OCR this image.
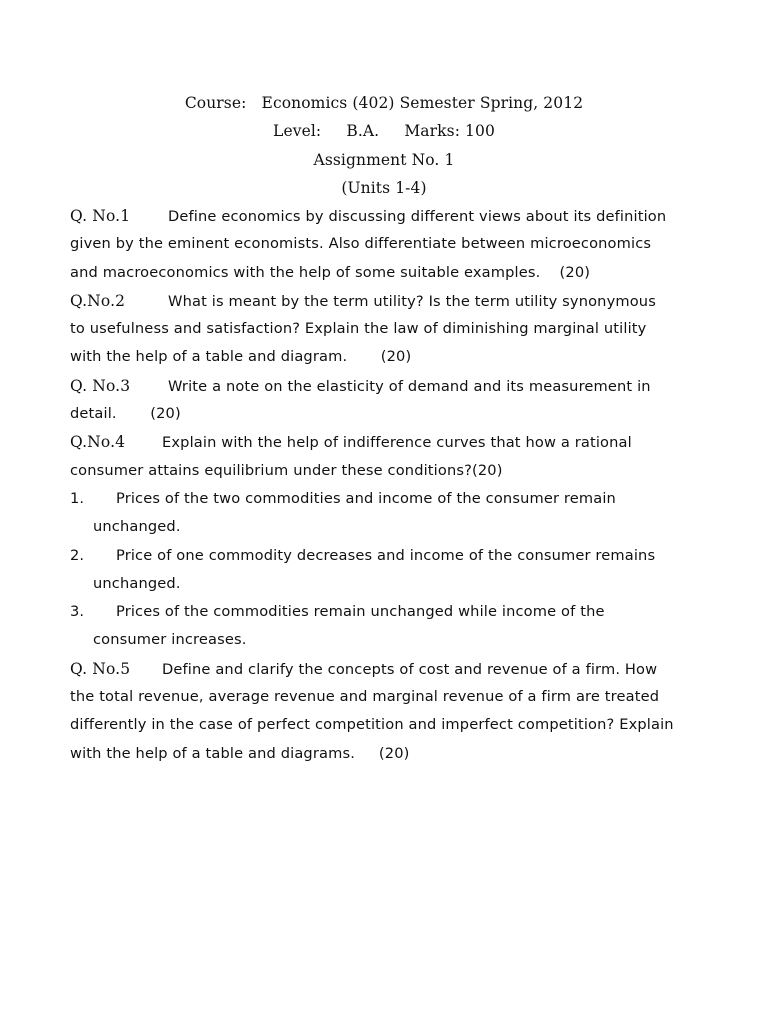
Course:   Economics (402) Semester Spring, 2012
Level:     B.A.     Marks: 100
Assignment No. 1
(Units 1-4)
Q. No.1	Define economics by discussing different views about its definition
given by the eminent economists. Also differentiate between microeconomics
and macroeconomics with the help of some suitable examples.    (20)
Q.No.2	What is meant by the term utility? Is the term utility synonymous
to usefulness and satisfaction? Explain the law of diminishing marginal utility
with the help of a table and diagram.       (20)
Q. No.3	Write a note on the elasticity of demand and its measurement in
detail.       (20)
Q.No.4	Explain with the help of indifference curves that how a rational
consumer attains equilibrium under these conditions?(20)
1. Prices of the two commodities and income of the consumer remain
unchanged.
2. Price of one commodity decreases and income of the consumer remains
unchanged.
3. Prices of the commodities remain unchanged while income of the
consumer increases.
Q. No.5 Define and clarify the concepts of cost and revenue of a firm. How
the total revenue, average revenue and marginal revenue of a firm are treated
differently in the case of perfect competition and imperfect competition? Explain
with the help of a table and diagrams.     (20)
